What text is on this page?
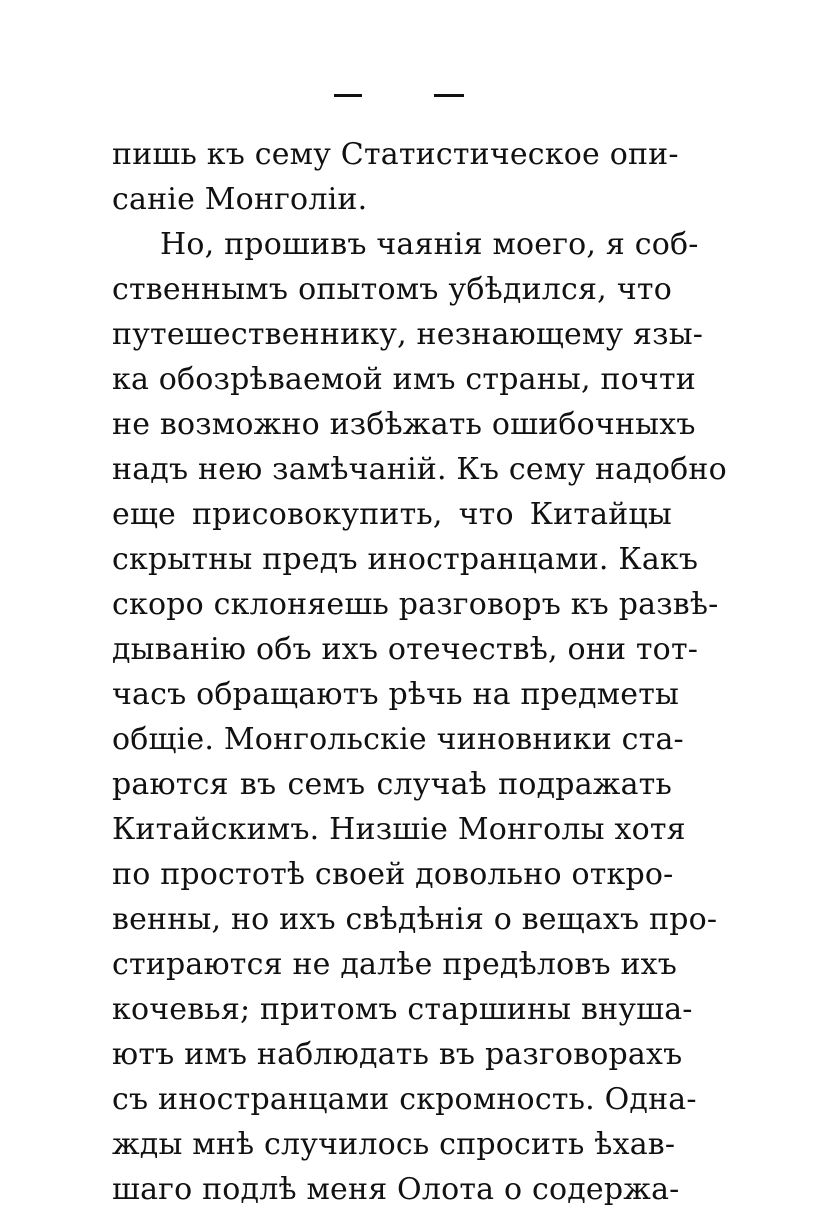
пишь къ сему Статистическое опи-
саніе Монголіи.
Но, прошивъ чаянія моего, я соб-
ственнымъ опытомъ убѣдился, что
путешественнику, незнающему язы-
ка обозрѣваемой имъ страны, почти
не возможно избѣжать ошибочныхъ
надъ нею замѣчаній. Къ сему надобно
еще присовокупить, что Китайцы
скрытны предъ иностранцами. Какъ
скоро склоняешь разговоръ къ развѣ-
дыванію объ ихъ отечествѣ, они тот-
часъ обращаютъ рѣчь на предметы
общіе. Монгольскіе чиновники ста-
раются въ семъ случаѣ подражать
Китайскимъ. Низшіе Монголы хотя
по простотѣ своей довольно откро-
венны, но ихъ свѣдѣнія о вещахъ про-
стираются не далѣе предѣловъ ихъ
кочевья; притомъ старшины внуша-
ютъ имъ наблюдать въ разговорахъ
съ иностранцами скромность. Одна-
жды мнѣ случилось спросить ѣхав-
шаго подлѣ меня Олота о содержа-
